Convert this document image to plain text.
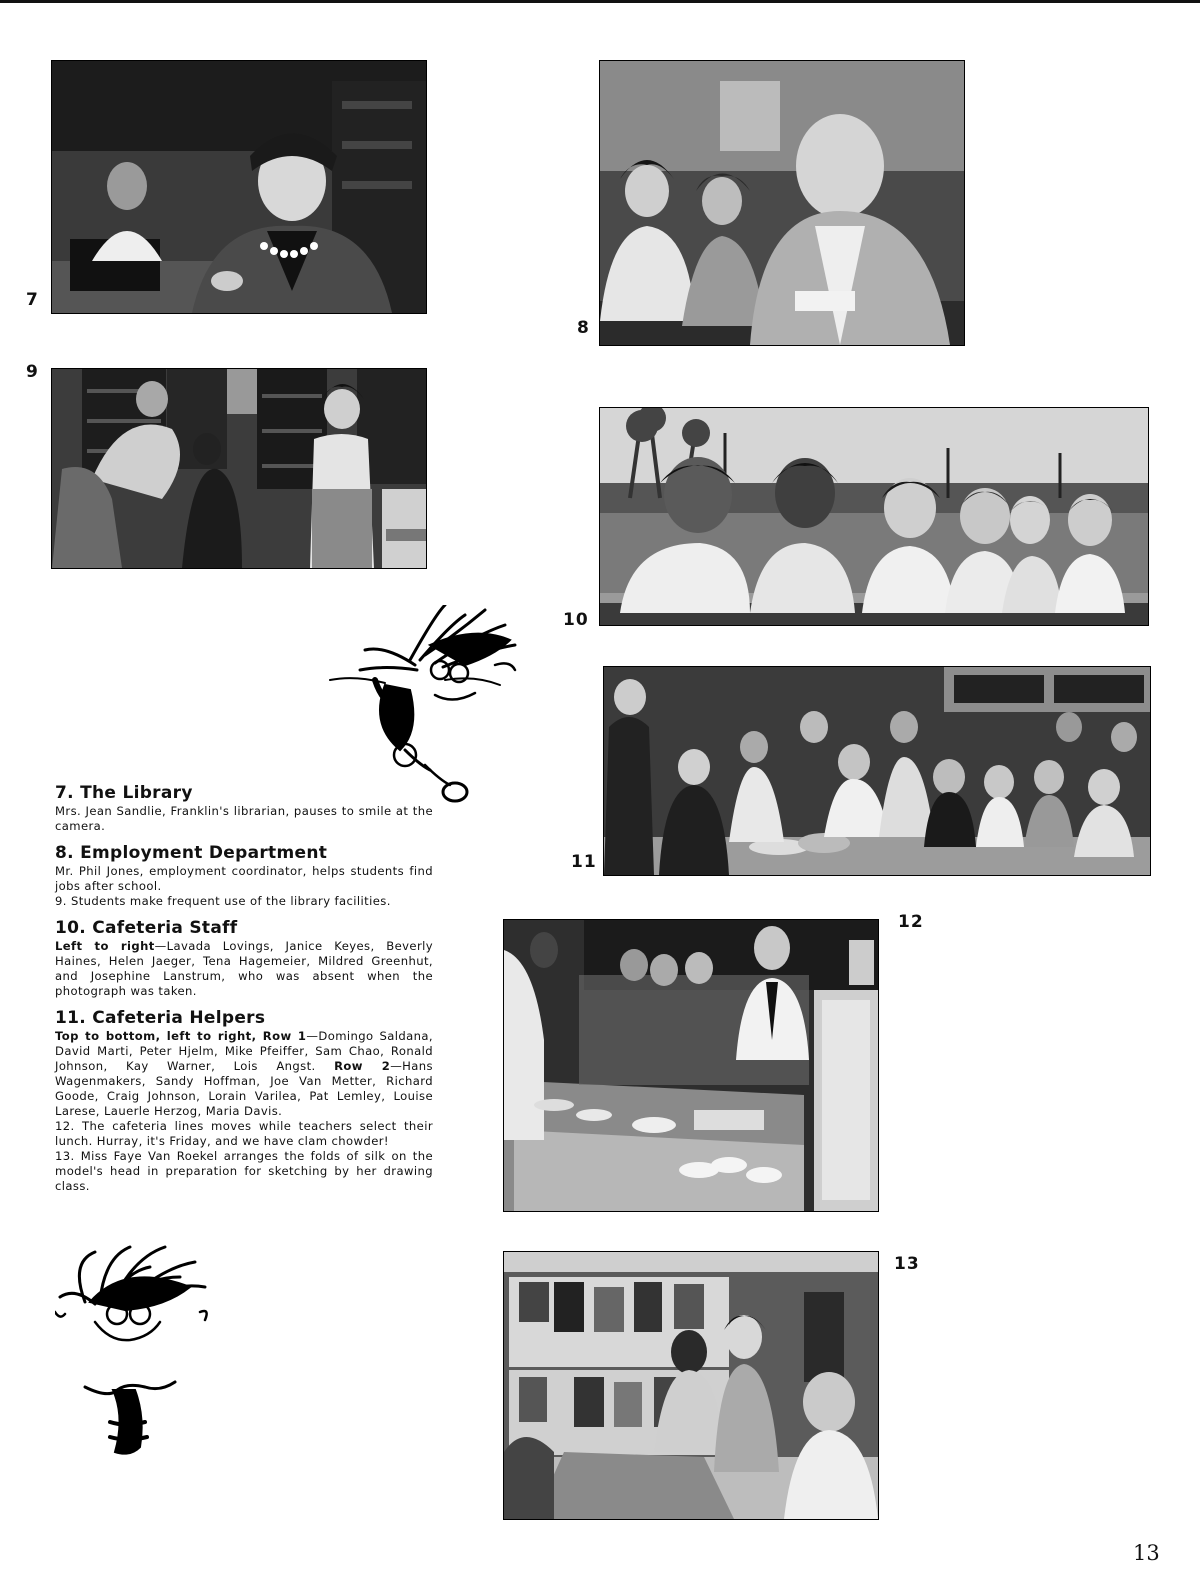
7
8
9
10
11
12
13
7. The Library

Mrs. Jean Sandlie, Franklin's librarian, pauses to smile at the camera.

8. Employment Department

Mr. Phil Jones, employment coordinator, helps students find jobs after school.

9. Students make frequent use of the library facilities.

10. Cafeteria Staff

Left to right—Lavada Lovings, Janice Keyes, Beverly Haines, Helen Jaeger, Tena Hagemeier, Mildred Greenhut, and Josephine Lanstrum, who was absent when the photograph was taken.

11. Cafeteria Helpers

Top to bottom, left to right, Row 1—Domingo Saldana, David Marti, Peter Hjelm, Mike Pfeiffer, Sam Chao, Ronald Johnson, Kay Warner, Lois Angst. Row 2—Hans Wagenmakers, Sandy Hoffman, Joe Van Metter, Richard Goode, Craig Johnson, Lorain Varilea, Pat Lemley, Louise Larese, Lauerle Herzog, Maria Davis.

12. The cafeteria lines moves while teachers select their lunch. Hurray, it's Friday, and we have clam chowder!

13. Miss Faye Van Roekel arranges the folds of silk on the model's head in preparation for sketching by her drawing class.

13
